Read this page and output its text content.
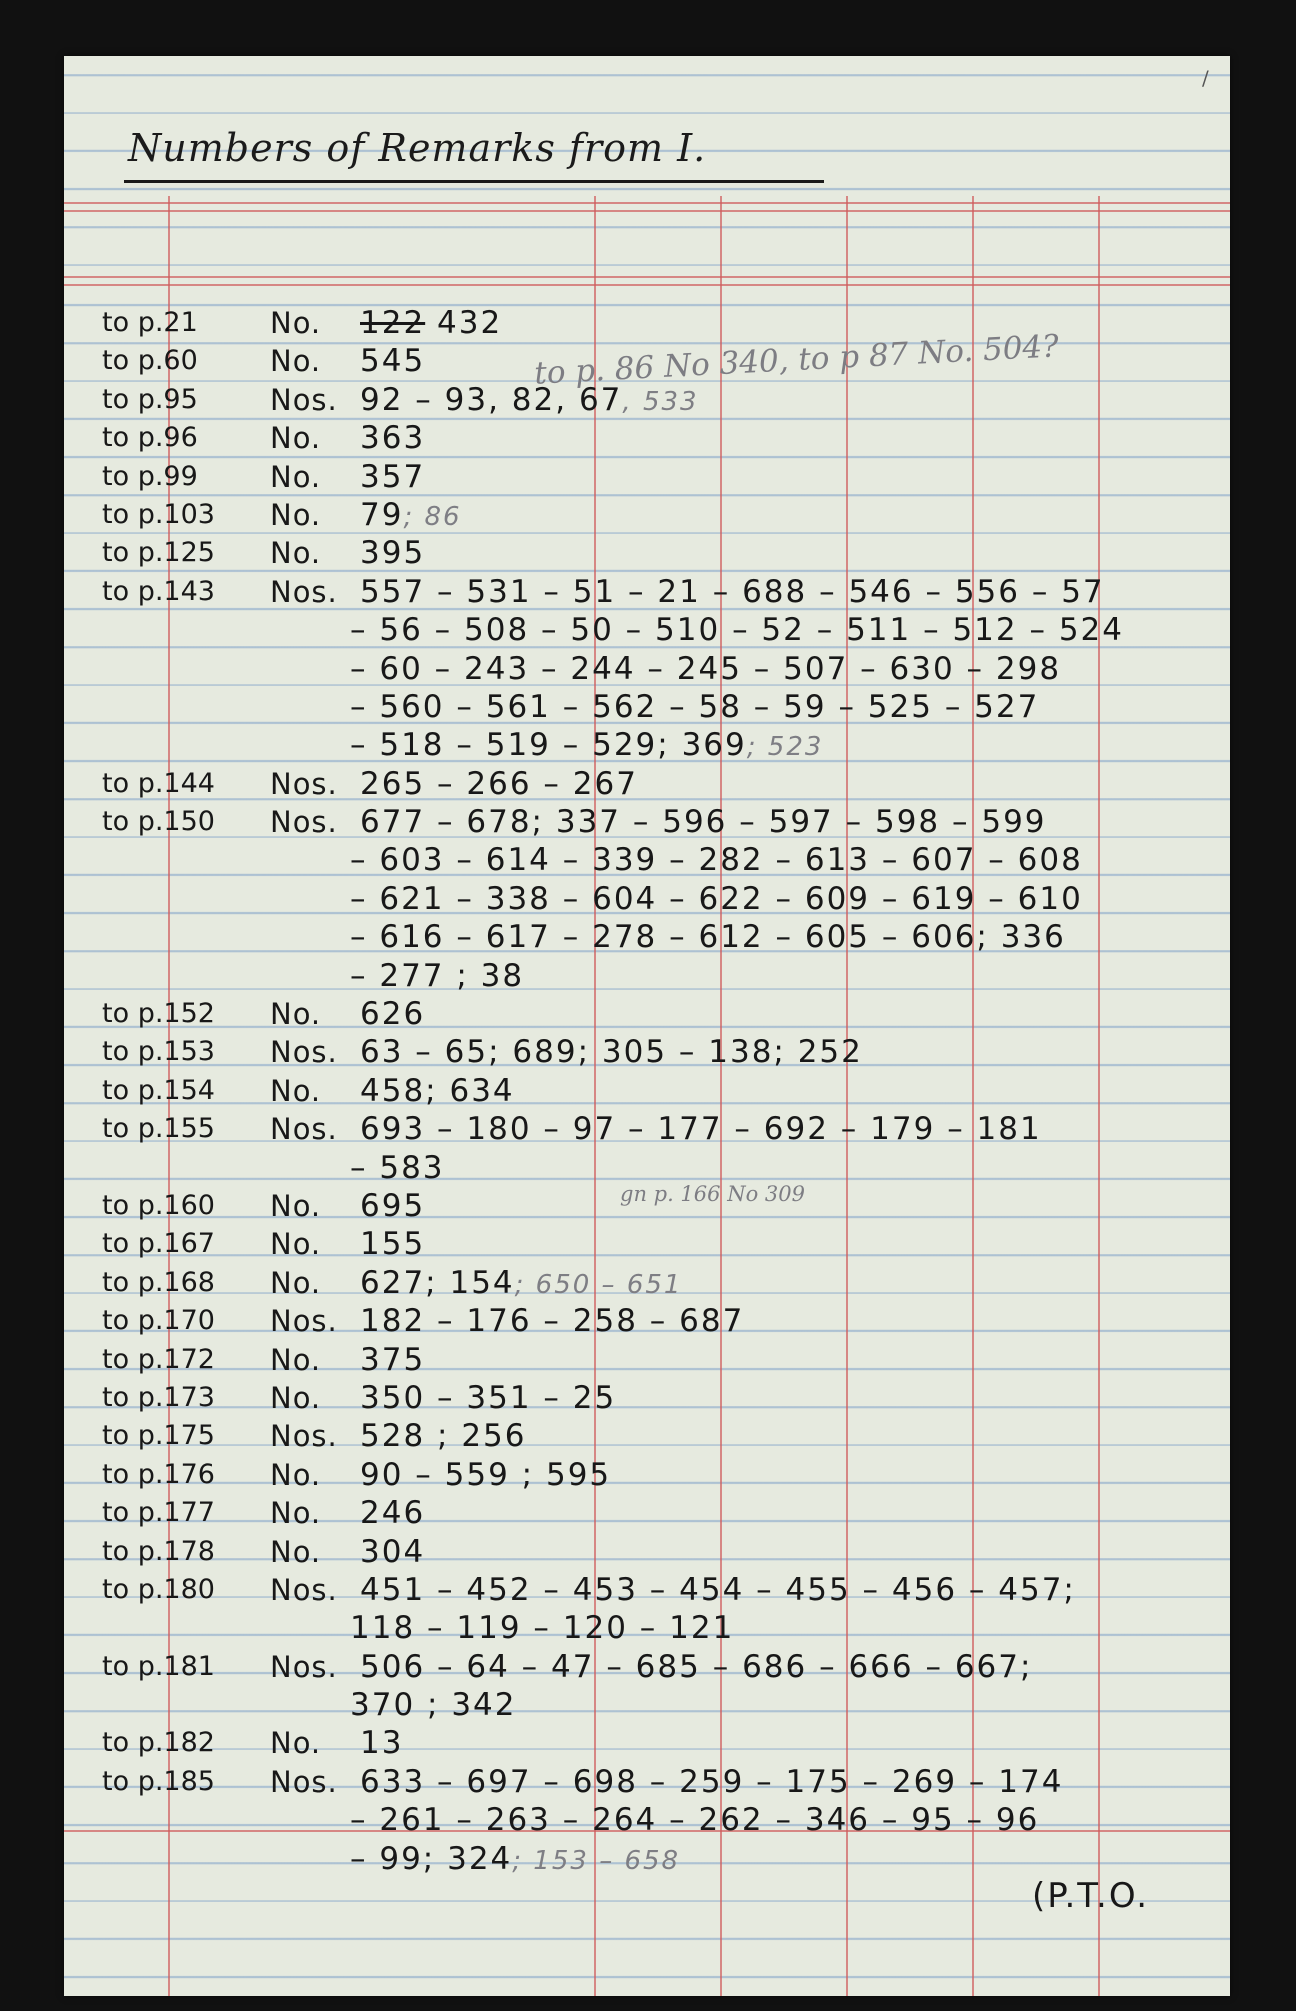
/
Numbers of Remarks from I.
to p.21	No. 122 432
to p.60	No. 545
to p.95	Nos. 92 – 93, 82, 67, 533
to p.96	No. 363
to p.99	No. 357
to p.103 No. 79; 86
to p.125 No. 395
to p.143 Nos. 557 – 531 – 51 – 21 – 688 – 546 – 556 – 57
– 56 – 508 – 50 – 510 – 52 – 511 – 512 – 524
– 60 – 243 – 244 – 245 – 507 – 630 – 298
– 560 – 561 – 562 – 58 – 59 – 525 – 527
– 518 – 519 – 529; 369; 523
to p.144 Nos. 265 – 266 – 267
to p.150 Nos. 677 – 678; 337 – 596 – 597 – 598 – 599
– 603 – 614 – 339 – 282 – 613 – 607 – 608
– 621 – 338 – 604 – 622 – 609 – 619 – 610
– 616 – 617 – 278 – 612 – 605 – 606; 336
– 277 ; 38
to p.152 No. 626
to p.153 Nos. 63 – 65; 689; 305 – 138; 252
to p.154 No. 458; 634
to p.155 Nos. 693 – 180 – 97 – 177 – 692 – 179 – 181
– 583
to p.160 No. 695
to p.167 No. 155
to p.168 No. 627; 154; 650 – 651
to p.170 Nos. 182 – 176 – 258 – 687
to p.172 No. 375
to p.173 No. 350 – 351 – 25
to p.175 Nos. 528 ; 256
to p.176 No. 90 – 559 ; 595
to p.177 No. 246
to p.178 No. 304
to p.180 Nos. 451 – 452 – 453 – 454 – 455 – 456 – 457;
118 – 119 – 120 – 121
to p.181 Nos. 506 – 64 – 47 – 685 – 686 – 666 – 667;
370 ; 342
to p.182 No. 13
to p.185 Nos. 633 – 697 – 698 – 259 – 175 – 269 – 174
– 261 – 263 – 264 – 262 – 346 – 95 – 96
– 99; 324; 153 – 658
to p. 86 No 340, to p 87 No. 504?
gn p. 166 No 309
(P.T.O.
